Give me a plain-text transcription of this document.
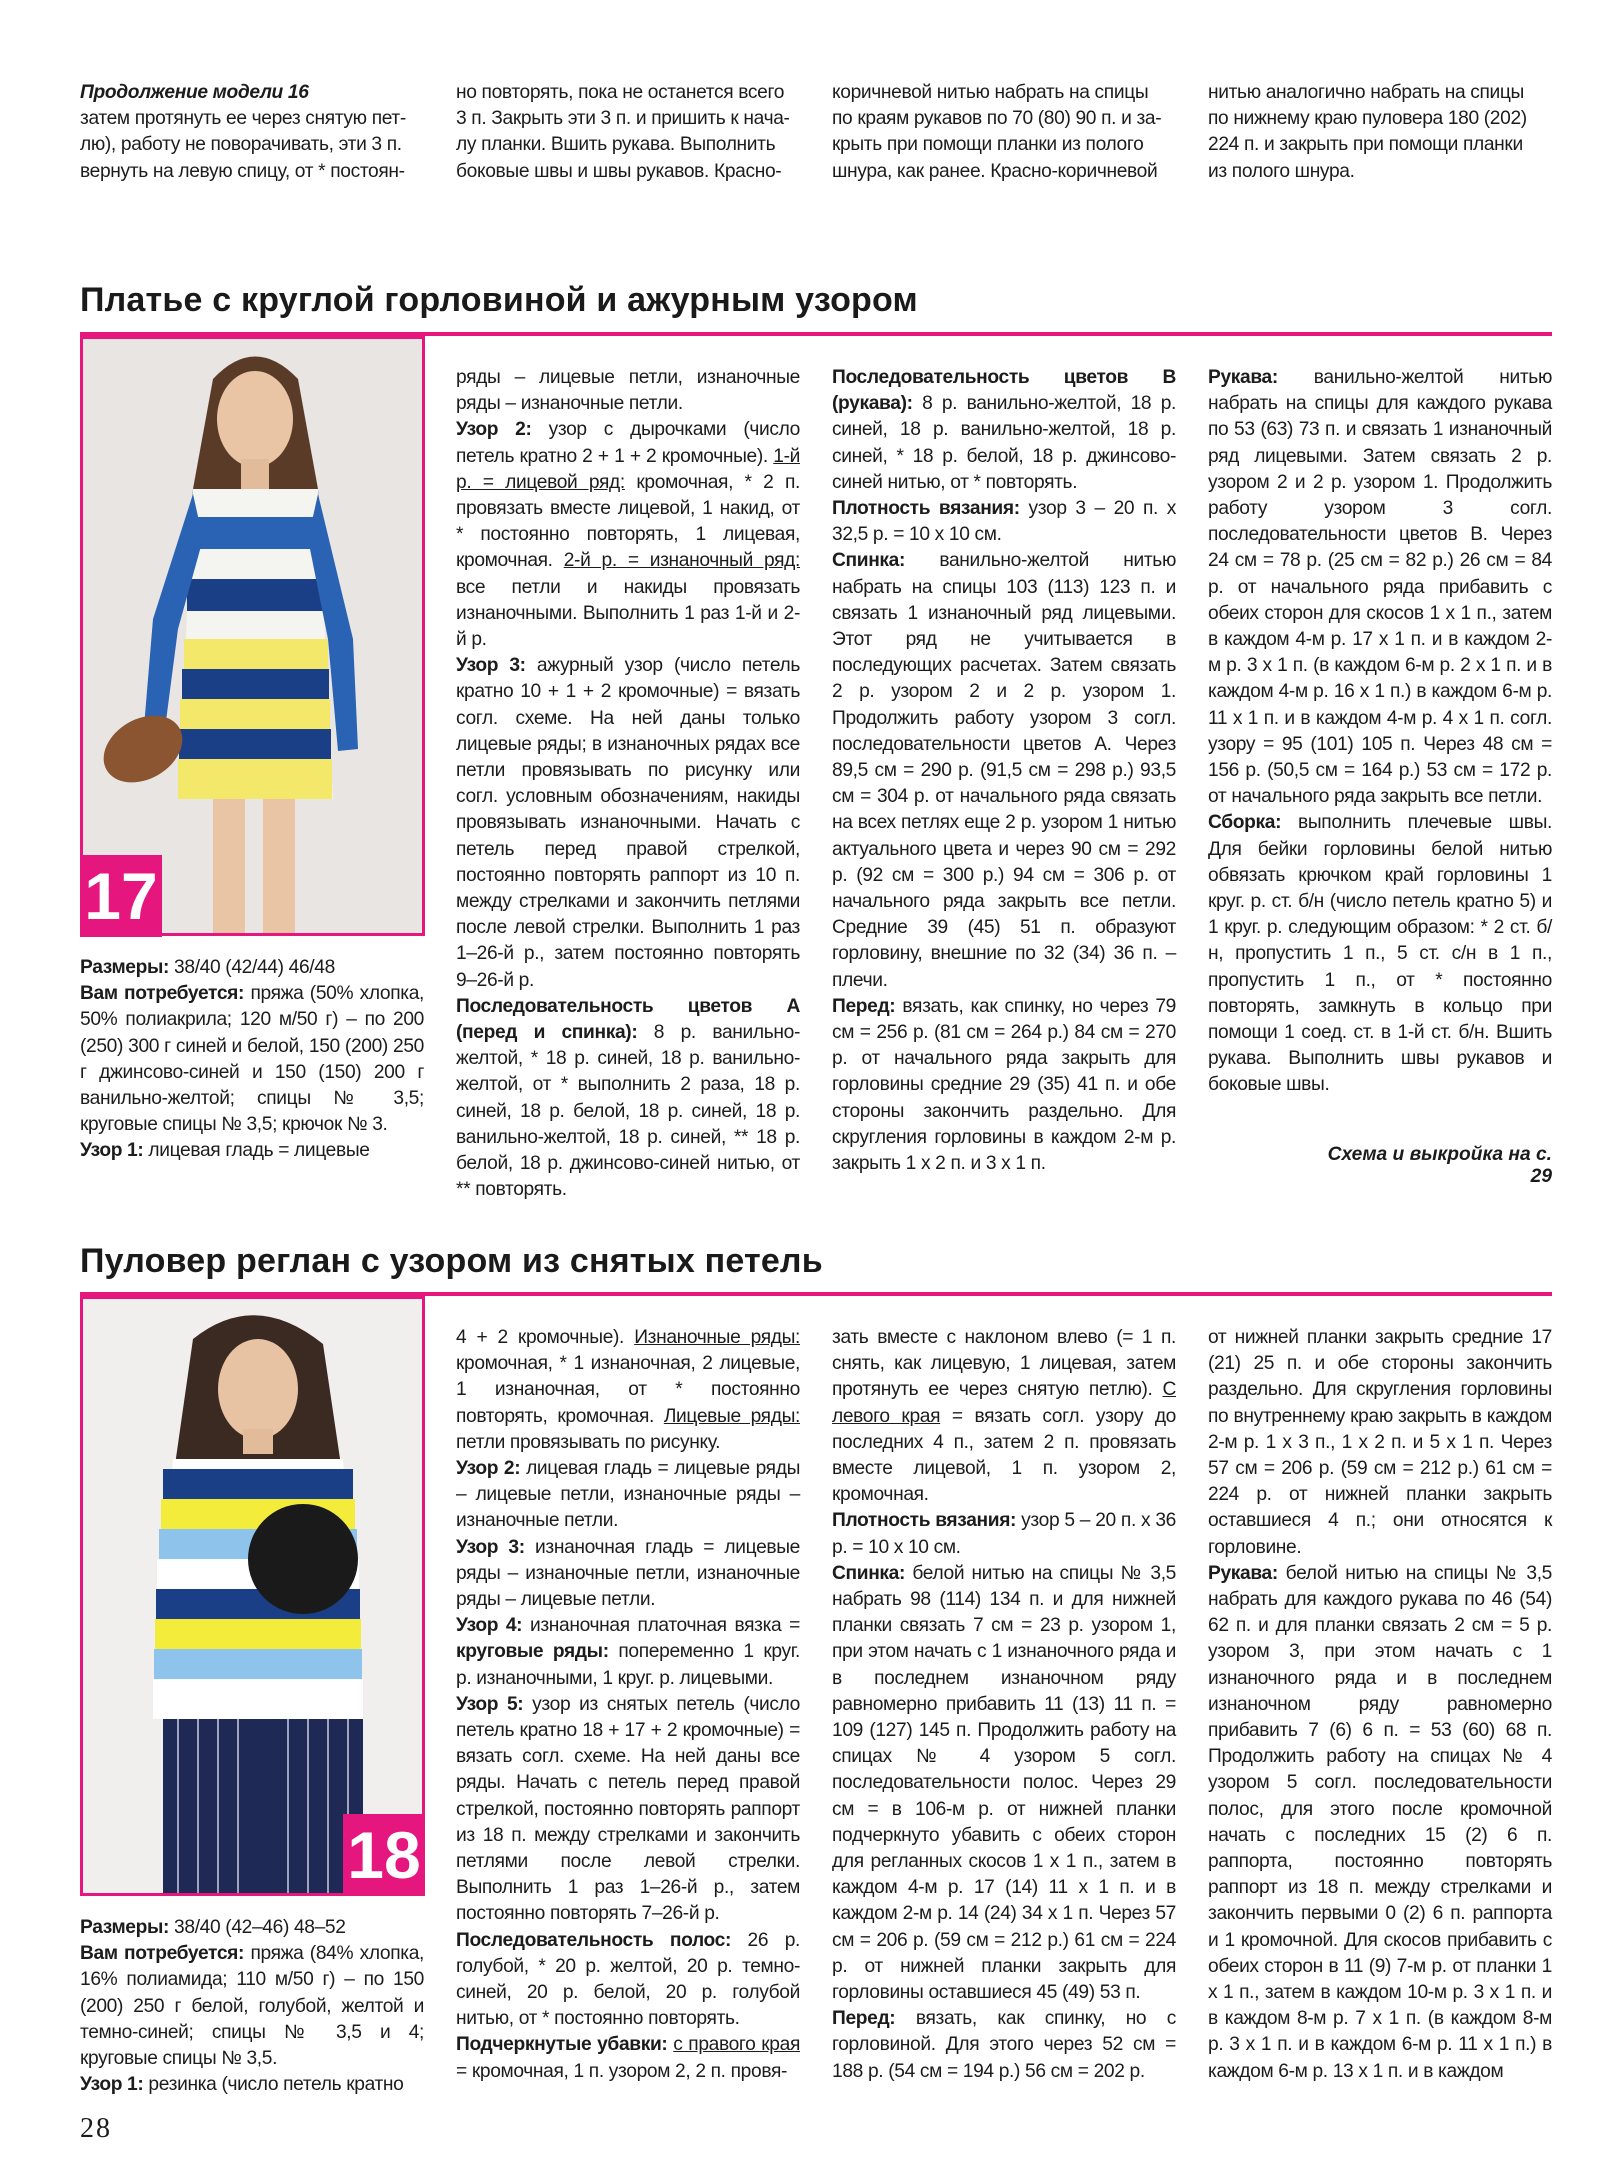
Продолжение модели 16

затем протянуть ее через снятую пет-

лю), работу не поворачивать, эти 3 п.

вернуть на левую спицу, от * постоян-

но повторять, пока не останется всего

3 п. Закрыть эти 3 п. и пришить к нача-

лу планки. Вшить рукава. Выполнить

боковые швы и швы рукавов. Красно-

коричневой нитью набрать на спицы

по краям рукавов по 70 (80) 90 п. и за-

крыть при помощи планки из полого

шнура, как ранее. Красно-коричневой

нитью аналогично набрать на спицы

по нижнему краю пуловера 180 (202)

224 п. и закрыть при помощи планки

из полого шнура.

Платье с круглой горловиной и ажурным узором
17

Размеры: 38/40 (42/44) 46/48

Вам потребуется: пряжа (50% хлопка, 50% полиакрила; 120 м/50 г) – по 200 (250) 300 г синей и белой, 150 (200) 250 г джинсово-синей и 150 (150) 200 г ванильно-желтой; спицы № 3,5; круговые спицы № 3,5; крючок № 3.

Узор 1: лицевая гладь = лицевые

ряды – лицевые петли, изнаночные ряды – изнаночные петли.

Узор 2: узор с дырочками (число петель кратно 2 + 1 + 2 кромочные). 1-й р. = лицевой ряд: кромочная, * 2 п. провязать вместе лицевой, 1 накид, от * постоянно повторять, 1 лицевая, кромочная. 2-й р. = изнаночный ряд: все петли и накиды провязать изнаночными. Выполнить 1 раз 1-й и 2-й р.

Узор 3: ажурный узор (число петель кратно 10 + 1 + 2 кромочные) = вязать согл. схеме. На ней даны только лицевые ряды; в изнаночных рядах все петли провязывать по рисунку или согл. условным обозначениям, накиды провязывать изнаночными. Начать с петель перед правой стрелкой, постоянно повторять раппорт из 10 п. между стрелками и закончить петлями после левой стрелки. Выполнить 1 раз 1–26-й р., затем постоянно повторять 9–26-й р.

Последовательность цветов А (перед и спинка): 8 р. ванильно-желтой, * 18 р. синей, 18 р. ванильно-желтой, от * выполнить 2 раза, 18 р. синей, 18 р. белой, 18 р. синей, 18 р. ванильно-желтой, 18 р. синей, ** 18 р. белой, 18 р. джинсово-синей нитью, от ** повторять.

Последовательность цветов В (рукава): 8 р. ванильно-желтой, 18 р. синей, 18 р. ванильно-желтой, 18 р. синей, * 18 р. белой, 18 р. джинсово-синей нитью, от * повторять.

Плотность вязания: узор 3 – 20 п. x 32,5 р. = 10 x 10 см.

Спинка: ванильно-желтой нитью набрать на спицы 103 (113) 123 п. и связать 1 изнаночный ряд лицевыми. Этот ряд не учитывается в последующих расчетах. Затем связать 2 р. узором 2 и 2 р. узором 1. Продолжить работу узором 3 согл. последовательности цветов А. Через 89,5 см = 290 р. (91,5 см = 298 р.) 93,5 см = 304 р. от начального ряда связать на всех петлях еще 2 р. узором 1 нитью актуального цвета и через 90 см = 292 р. (92 см = 300 р.) 94 см = 306 р. от начального ряда закрыть все петли. Средние 39 (45) 51 п. образуют горловину, внешние по 32 (34) 36 п. – плечи.

Перед: вязать, как спинку, но через 79 см = 256 р. (81 см = 264 р.) 84 см = 270 р. от начального ряда закрыть для горловины средние 29 (35) 41 п. и обе стороны закончить раздельно. Для скругления горловины в каждом 2-м р. закрыть 1 x 2 п. и 3 x 1 п.

Рукава: ванильно-желтой нитью набрать на спицы для каждого рукава по 53 (63) 73 п. и связать 1 изнаночный ряд лицевыми. Затем связать 2 р. узором 2 и 2 р. узором 1. Продолжить работу узором 3 согл. последовательности цветов В. Через 24 см = 78 р. (25 см = 82 р.) 26 см = 84 р. от начального ряда прибавить с обеих сторон для скосов 1 x 1 п., затем в каждом 4-м р. 17 x 1 п. и в каждом 2-м р. 3 x 1 п. (в каждом 6-м р. 2 x 1 п. и в каждом 4-м р. 16 x 1 п.) в каждом 6-м р. 11 x 1 п. и в каждом 4-м р. 4 x 1 п. согл. узору = 95 (101) 105 п. Через 48 см = 156 р. (50,5 см = 164 р.) 53 см = 172 р. от начального ряда закрыть все петли.

Сборка: выполнить плечевые швы. Для бейки горловины белой нитью обвязать крючком край горловины 1 круг. р. ст. б/н (число петель кратно 5) и 1 круг. р. следующим образом: * 2 ст. б/н, пропустить 1 п., 5 ст. с/н в 1 п., пропустить 1 п., от * постоянно повторять, замкнуть в кольцо при помощи 1 соед. ст. в 1-й ст. б/н. Вшить рукава. Выполнить швы рукавов и боковые швы.

Схема и выкройка на с. 29
Пуловер реглан с узором из снятых петель
18

Размеры: 38/40 (42–46) 48–52

Вам потребуется: пряжа (84% хлопка, 16% полиамида; 110 м/50 г) – по 150 (200) 250 г белой, голубой, желтой и темно-синей; спицы № 3,5 и 4; круговые спицы № 3,5.

Узор 1: резинка (число петель кратно

4 + 2 кромочные). Изнаночные ряды: кромочная, * 1 изнаночная, 2 лицевые, 1 изнаночная, от * постоянно повторять, кромочная. Лицевые ряды: петли провязывать по рисунку.

Узор 2: лицевая гладь = лицевые ряды – лицевые петли, изнаночные ряды – изнаночные петли.

Узор 3: изнаночная гладь = лицевые ряды – изнаночные петли, изнаночные ряды – лицевые петли.

Узор 4: изнаночная платочная вязка = круговые ряды: попеременно 1 круг. р. изнаночными, 1 круг. р. лицевыми.

Узор 5: узор из снятых петель (число петель кратно 18 + 17 + 2 кромочные) = вязать согл. схеме. На ней даны все ряды. Начать с петель перед правой стрелкой, постоянно повторять раппорт из 18 п. между стрелками и закончить петлями после левой стрелки. Выполнить 1 раз 1–26-й р., затем постоянно повторять 7–26-й р.

Последовательность полос: 26 р. голубой, * 20 р. желтой, 20 р. темно-синей, 20 р. белой, 20 р. голубой нитью, от * постоянно повторять.

Подчеркнутые убавки: с правого края = кромочная, 1 п. узором 2, 2 п. провя-

зать вместе с наклоном влево (= 1 п. снять, как лицевую, 1 лицевая, затем протянуть ее через снятую петлю). С левого края = вязать согл. узору до последних 4 п., затем 2 п. провязать вместе лицевой, 1 п. узором 2, кромочная.

Плотность вязания: узор 5 – 20 п. x 36 р. = 10 x 10 см.

Спинка: белой нитью на спицы № 3,5 набрать 98 (114) 134 п. и для нижней планки связать 7 см = 23 р. узором 1, при этом начать с 1 изнаночного ряда и в последнем изнаночном ряду равномерно прибавить 11 (13) 11 п. = 109 (127) 145 п. Продолжить работу на спицах № 4 узором 5 согл. последовательности полос. Через 29 см = в 106-м р. от нижней планки подчеркнуто убавить с обеих сторон для регланных скосов 1 x 1 п., затем в каждом 4-м р. 17 (14) 11 x 1 п. и в каждом 2-м р. 14 (24) 34 x 1 п. Через 57 см = 206 р. (59 см = 212 р.) 61 см = 224 р. от нижней планки закрыть для горловины оставшиеся 45 (49) 53 п.

Перед: вязать, как спинку, но с горловиной. Для этого через 52 см = 188 р. (54 см = 194 р.) 56 см = 202 р.

от нижней планки закрыть средние 17 (21) 25 п. и обе стороны закончить раздельно. Для скругления горловины по внутреннему краю закрыть в каждом 2-м р. 1 x 3 п., 1 x 2 п. и 5 x 1 п. Через 57 см = 206 р. (59 см = 212 р.) 61 см = 224 р. от нижней планки закрыть оставшиеся 4 п.; они относятся к горловине.

Рукава: белой нитью на спицы № 3,5 набрать для каждого рукава по 46 (54) 62 п. и для планки связать 2 см = 5 р. узором 3, при этом начать с 1 изнаночного ряда и в последнем изнаночном ряду равномерно прибавить 7 (6) 6 п. = 53 (60) 68 п. Продолжить работу на спицах № 4 узором 5 согл. последовательности полос, для этого после кромочной начать с последних 15 (2) 6 п. раппорта, постоянно повторять раппорт из 18 п. между стрелками и закончить первыми 0 (2) 6 п. раппорта и 1 кромочной. Для скосов прибавить с обеих сторон в 11 (9) 7-м р. от планки 1 x 1 п., затем в каждом 10-м р. 3 x 1 п. и в каждом 8-м р. 7 x 1 п. (в каждом 8-м р. 3 x 1 п. и в каждом 6-м р. 11 x 1 п.) в каждом 6-м р. 13 x 1 п. и в каждом

28
